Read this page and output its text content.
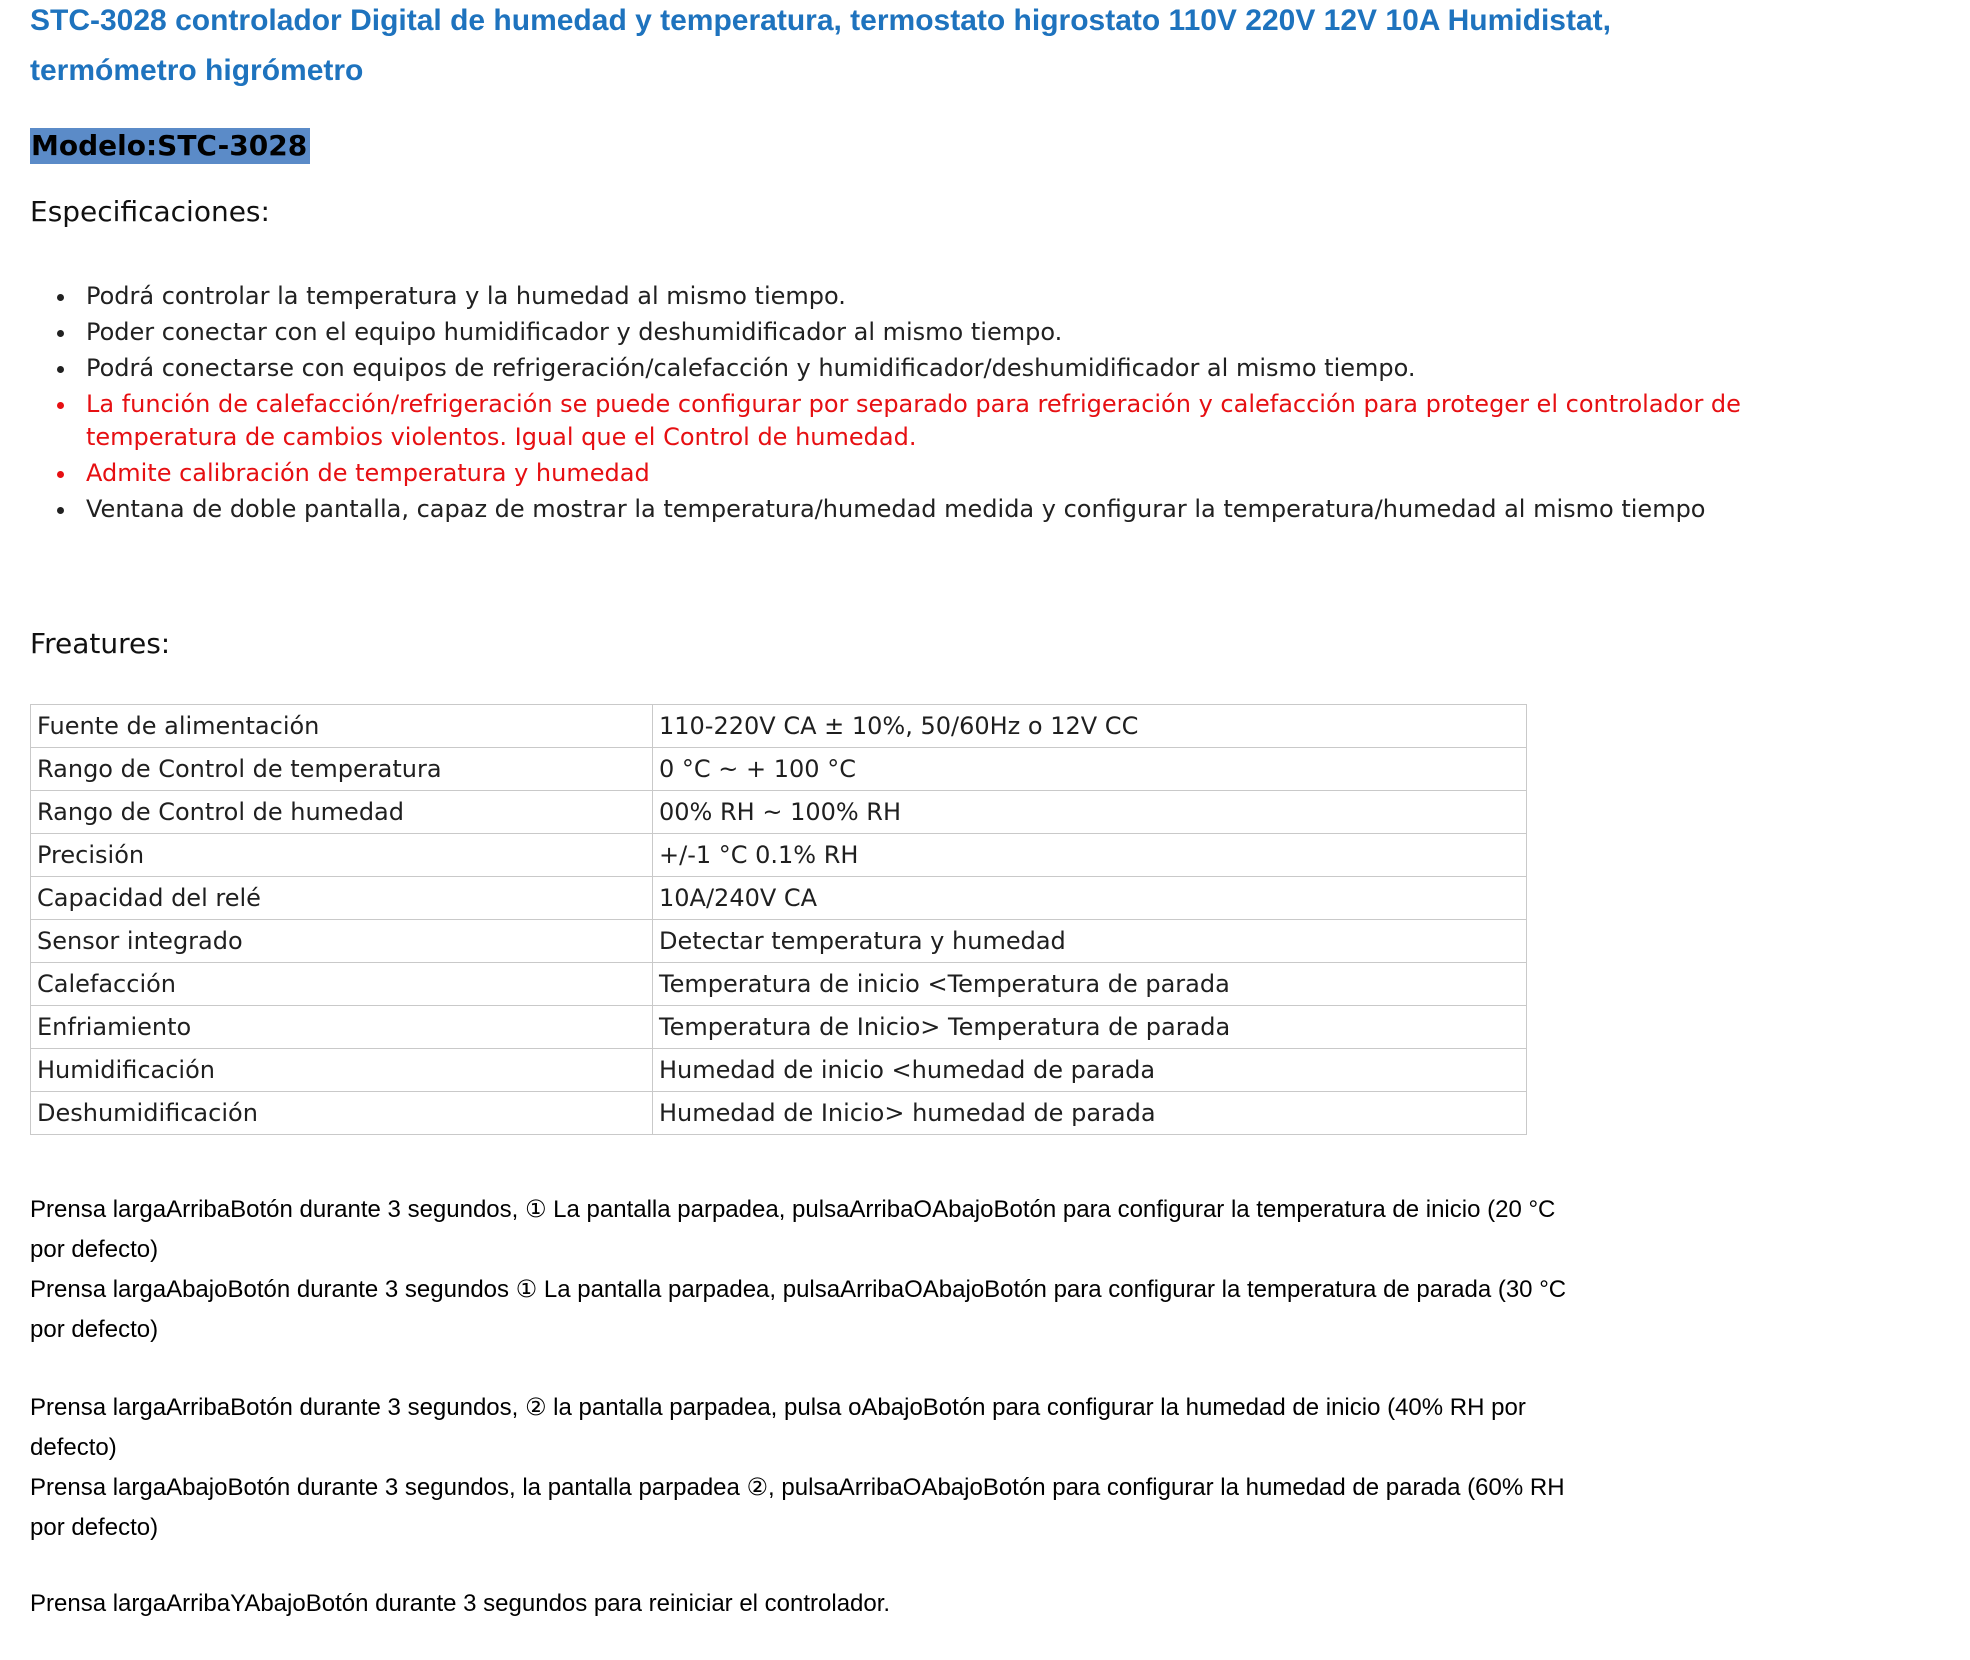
STC-3028 controlador Digital de humedad y temperatura, termostato higrostato 110V 220V 12V 10A Humidistat, termómetro higrómetro
Modelo:STC-3028
Especificaciones:
• Podrá controlar la temperatura y la humedad al mismo tiempo.
• Poder conectar con el equipo humidificador y deshumidificador al mismo tiempo.
• Podrá conectarse con equipos de refrigeración/calefacción y humidificador/deshumidificador al mismo tiempo.
• La función de calefacción/refrigeración se puede configurar por separado para refrigeración y calefacción para proteger el controlador de temperatura de cambios violentos. Igual que el Control de humedad.
• Admite calibración de temperatura y humedad
• Ventana de doble pantalla, capaz de mostrar la temperatura/humedad medida y configurar la temperatura/humedad al mismo tiempo
Freatures:
Fuente de alimentación	110-220V CA ± 10%, 50/60Hz o 12V CC
Rango de Control de temperatura	0 °C ~ + 100 °C
Rango de Control de humedad	00% RH ~ 100% RH
Precisión	+/-1 °C 0.1% RH
Capacidad del relé	10A/240V CA
Sensor integrado	Detectar temperatura y humedad
Calefacción	Temperatura de inicio <Temperatura de parada
Enfriamiento	Temperatura de Inicio> Temperatura de parada
Humidificación	Humedad de inicio <humedad de parada
Deshumidificación	Humedad de Inicio> humedad de parada

Prensa largaArribaBotón durante 3 segundos, ① La pantalla parpadea, pulsaArribaOAbajoBotón para configurar la temperatura de inicio (20 °C por defecto)

Prensa largaAbajoBotón durante 3 segundos ① La pantalla parpadea, pulsaArribaOAbajoBotón para configurar la temperatura de parada (30 °C por defecto)

Prensa largaArribaBotón durante 3 segundos, ② la pantalla parpadea, pulsa oAbajoBotón para configurar la humedad de inicio (40% RH por defecto)

Prensa largaAbajoBotón durante 3 segundos, la pantalla parpadea ②, pulsaArribaOAbajoBotón para configurar la humedad de parada (60% RH por defecto)

Prensa largaArribaYAbajoBotón durante 3 segundos para reiniciar el controlador.
